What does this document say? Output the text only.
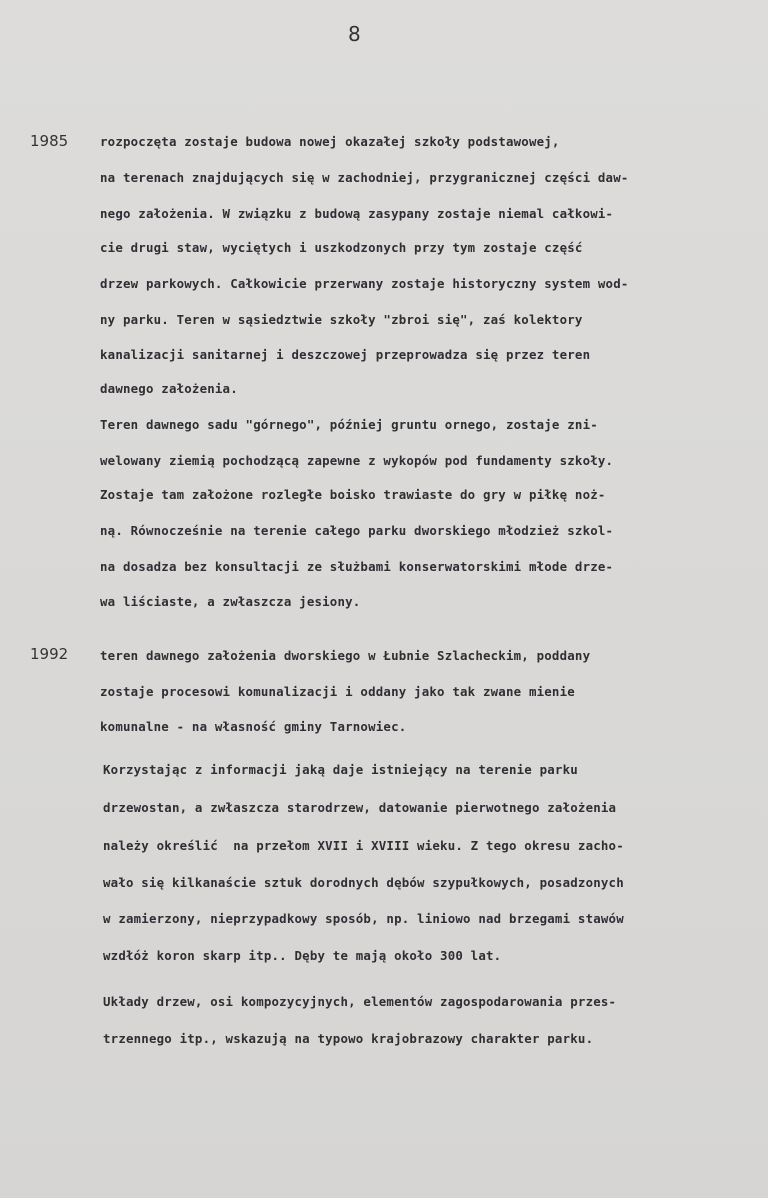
8
1985	rozpoczęta zostaje budowa nowej okazałej szkoły podstawowej,
na terenach znajdujących się w zachodniej, przygranicznej części daw-
nego założenia. W związku z budową zasypany zostaje niemal całkowi-
cie drugi staw, wyciętych i uszkodzonych przy tym zostaje część
drzew parkowych. Całkowicie przerwany zostaje historyczny system wod-
ny parku. Teren w sąsiedztwie szkoły "zbroi się", zaś kolektory
kanalizacji sanitarnej i deszczowej przeprowadza się przez teren
dawnego założenia.
Teren dawnego sadu "górnego", później gruntu ornego, zostaje zni-
welowany ziemią pochodzącą zapewne z wykopów pod fundamenty szkoły.
Zostaje tam założone rozległe boisko trawiaste do gry w piłkę noż-
ną. Równocześnie na terenie całego parku dworskiego młodzież szkol-
na dosadza bez konsultacji ze służbami konserwatorskimi młode drze-
wa liściaste, a zwłaszcza jesiony.
1992	teren dawnego założenia dworskiego w Łubnie Szlacheckim, poddany
zostaje procesowi komunalizacji i oddany jako tak zwane mienie
komunalne - na własność gminy Tarnowiec.
Korzystając z informacji jaką daje istniejący na terenie parku
drzewostan, a zwłaszcza starodrzew, datowanie pierwotnego założenia
należy określić  na przełom XVII i XVIII wieku. Z tego okresu zacho-
wało się kilkanaście sztuk dorodnych dębów szypułkowych, posadzonych
w zamierzony, nieprzypadkowy sposób, np. liniowo nad brzegami stawów
wzdłóż koron skarp itp.. Dęby te mają około 300 lat.
Układy drzew, osi kompozycyjnych, elementów zagospodarowania przes-
trzennego itp., wskazują na typowo krajobrazowy charakter parku.
